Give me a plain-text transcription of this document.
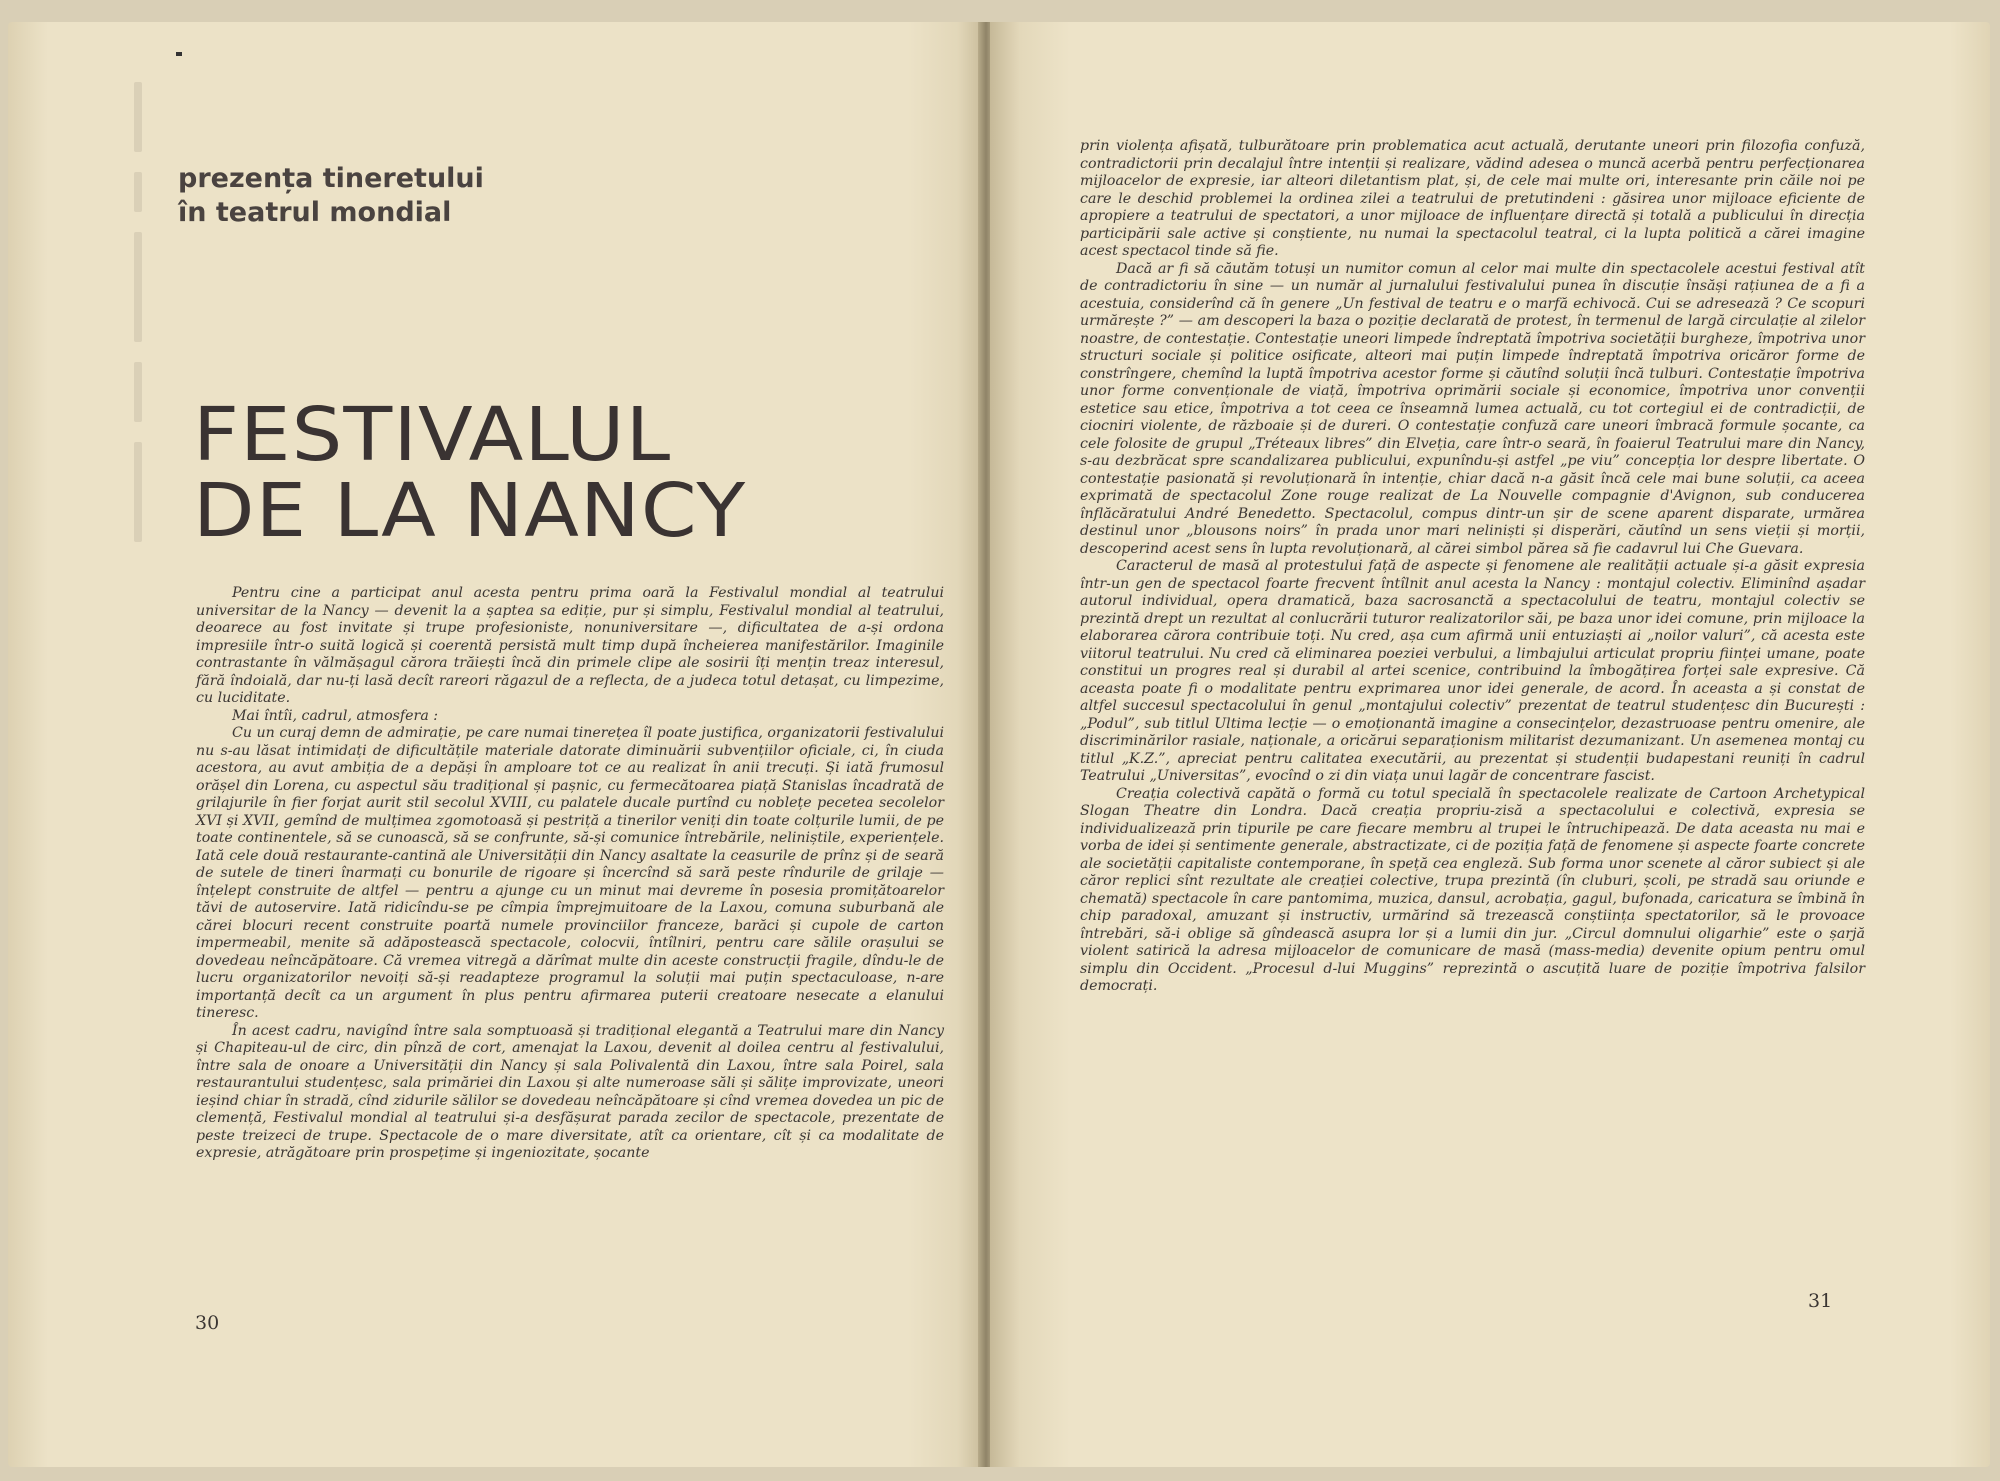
prezența tineretului
în teatrul mondial
FESTIVALUL
DE LA NANCY

Pentru cine a participat anul acesta pentru prima oară la Festivalul mondial al teatrului universitar de la Nancy — devenit la a șaptea sa ediție, pur și simplu, Festivalul mondial al teatrului, deoarece au fost invitate și trupe profesioniste, nonuniversitare —, dificultatea de a-și ordona impresiile într-o suită logică și coerentă persistă mult timp după încheierea manifestărilor. Imaginile contrastante în vălmășagul cărora trăiești încă din primele clipe ale sosirii îți mențin treaz interesul, fără îndoială, dar nu-ți lasă decît rareori răgazul de a reflecta, de a judeca totul detașat, cu limpezime, cu luciditate.

Mai întîi, cadrul, atmosfera :

Cu un curaj demn de admirație, pe care numai tinerețea îl poate justifica, organizatorii festivalului nu s-au lăsat intimidați de dificultățile materiale datorate diminuării subvențiilor oficiale, ci, în ciuda acestora, au avut ambiția de a depăși în amploare tot ce au realizat în anii trecuți. Și iată frumosul orășel din Lorena, cu aspectul său tradițional și pașnic, cu fermecătoarea piață Stanislas încadrată de grilajurile în fier forjat aurit stil secolul XVIII, cu palatele ducale purtînd cu noblețe pecetea secolelor XVI și XVII, gemînd de mulțimea zgomotoasă și pestriță a tinerilor veniți din toate colțurile lumii, de pe toate continentele, să se cunoască, să se confrunte, să-și comunice întrebările, neliniștile, experiențele. Iată cele două restaurante-cantină ale Universității din Nancy asaltate la ceasurile de prînz și de seară de sutele de tineri înarmați cu bonurile de rigoare și încercînd să sară peste rîndurile de grilaje — înțelept construite de altfel — pentru a ajunge cu un minut mai devreme în posesia promițătoarelor tăvi de autoservire. Iată ridicîndu-se pe cîmpia împrejmuitoare de la Laxou, comuna suburbană ale cărei blocuri recent construite poartă numele provinciilor franceze, barăci și cupole de carton impermeabil, menite să adăpostească spectacole, colocvii, întîlniri, pentru care sălile orașului se dovedeau neîncăpătoare. Că vremea vitregă a dărîmat multe din aceste construcții fragile, dîndu-le de lucru organizatorilor nevoiți să-și readapteze programul la soluții mai puțin spectaculoase, n-are importanță decît ca un argument în plus pentru afirmarea puterii creatoare nesecate a elanului tineresc.

În acest cadru, navigînd între sala somptuoasă și tradițional elegantă a Teatrului mare din Nancy și Chapiteau-ul de circ, din pînză de cort, amenajat la Laxou, devenit al doilea centru al festivalului, între sala de onoare a Universității din Nancy și sala Polivalentă din Laxou, între sala Poirel, sala restaurantului studențesc, sala primăriei din Laxou și alte numeroase săli și sălițe improvizate, uneori ieșind chiar în stradă, cînd zidurile sălilor se dovedeau neîncăpătoare și cînd vremea dovedea un pic de clemență, Festivalul mondial al teatrului și-a desfășurat parada zecilor de spectacole, prezentate de peste treizeci de trupe. Spectacole de o mare diversitate, atît ca orientare, cît și ca modalitate de expresie, atrăgătoare prin prospețime și ingeniozitate, șocante

30

prin violența afișată, tulburătoare prin problematica acut actuală, derutante uneori prin filozofia confuză, contradictorii prin decalajul între intenții și realizare, vădind adesea o muncă acerbă pentru perfecționarea mijloacelor de expresie, iar alteori diletantism plat, și, de cele mai multe ori, interesante prin căile noi pe care le deschid problemei la ordinea zilei a teatrului de pretutindeni : găsirea unor mijloace eficiente de apropiere a teatrului de spectatori, a unor mijloace de influențare directă și totală a publicului în direcția participării sale active și conștiente, nu numai la spectacolul teatral, ci la lupta politică a cărei imagine acest spectacol tinde să fie.

Dacă ar fi să căutăm totuși un numitor comun al celor mai multe din spectacolele acestui festival atît de contradictoriu în sine — un număr al jurnalului festivalului punea în discuție însăși rațiunea de a fi a acestuia, considerînd că în genere „Un festival de teatru e o marfă echivocă. Cui se adresează ? Ce scopuri urmărește ?” — am descoperi la baza o poziție declarată de protest, în termenul de largă circulație al zilelor noastre, de contestație. Contestație uneori limpede îndreptată împotriva societății burgheze, împotriva unor structuri sociale și politice osificate, alteori mai puțin limpede îndreptată împotriva oricăror forme de constrîngere, chemînd la luptă împotriva acestor forme și căutînd soluții încă tulburi. Contestație împotriva unor forme convenționale de viață, împotriva oprimării sociale și economice, împotriva unor convenții estetice sau etice, împotriva a tot ceea ce înseamnă lumea actuală, cu tot cortegiul ei de contradicții, de ciocniri violente, de războaie și de dureri. O contestație confuză care uneori îmbracă formule șocante, ca cele folosite de grupul „Tréteaux libres” din Elveția, care într-o seară, în foaierul Teatrului mare din Nancy, s-au dezbrăcat spre scandalizarea publicului, expunîndu-și astfel „pe viu” concepția lor despre libertate. O contestație pasionată și revoluționară în intenție, chiar dacă n-a găsit încă cele mai bune soluții, ca aceea exprimată de spectacolul Zone rouge realizat de La Nouvelle compagnie d'Avignon, sub conducerea înflăcăratului André Benedetto. Spectacolul, compus dintr-un șir de scene aparent disparate, urmărea destinul unor „blousons noirs” în prada unor mari neliniști și disperări, căutînd un sens vieții și morții, descoperind acest sens în lupta revoluționară, al cărei simbol părea să fie cadavrul lui Che Guevara.

Caracterul de masă al protestului față de aspecte și fenomene ale realității actuale și-a găsit expresia într-un gen de spectacol foarte frecvent întîlnit anul acesta la Nancy : montajul colectiv. Eliminînd așadar autorul individual, opera dramatică, baza sacrosanctă a spectacolului de teatru, montajul colectiv se prezintă drept un rezultat al conlucrării tuturor realizatorilor săi, pe baza unor idei comune, prin mijloace la elaborarea cărora contribuie toți. Nu cred, așa cum afirmă unii entuziaști ai „noilor valuri”, că acesta este viitorul teatrului. Nu cred că eliminarea poeziei verbului, a limbajului articulat propriu ființei umane, poate constitui un progres real și durabil al artei scenice, contribuind la îmbogățirea forței sale expresive. Că aceasta poate fi o modalitate pentru exprimarea unor idei generale, de acord. În aceasta a și constat de altfel succesul spectacolului în genul „montajului colectiv” prezentat de teatrul studențesc din București : „Podul”, sub titlul Ultima lecție — o emoționantă imagine a consecințelor, dezastruoase pentru omenire, ale discriminărilor rasiale, naționale, a oricărui separaționism militarist dezumanizant. Un asemenea montaj cu titlul „K.Z.”, apreciat pentru calitatea executării, au prezentat și studenții budapestani reuniți în cadrul Teatrului „Universitas”, evocînd o zi din viața unui lagăr de concentrare fascist.

Creația colectivă capătă o formă cu totul specială în spectacolele realizate de Cartoon Archetypical Slogan Theatre din Londra. Dacă creația propriu-zisă a spectacolului e colectivă, expresia se individualizează prin tipurile pe care fiecare membru al trupei le întruchipează. De data aceasta nu mai e vorba de idei și sentimente generale, abstractizate, ci de poziția față de fenomene și aspecte foarte concrete ale societății capitaliste contemporane, în speță cea engleză. Sub forma unor scenete al căror subiect și ale căror replici sînt rezultate ale creației colective, trupa prezintă (în cluburi, școli, pe stradă sau oriunde e chemată) spectacole în care pantomima, muzica, dansul, acrobația, gagul, bufonada, caricatura se îmbină în chip paradoxal, amuzant și instructiv, urmărind să trezească conștiința spectatorilor, să le provoace întrebări, să-i oblige să gîndească asupra lor și a lumii din jur. „Circul domnului oligarhie” este o șarjă violent satirică la adresa mijloacelor de comunicare de masă (mass-media) devenite opium pentru omul simplu din Occident. „Procesul d-lui Muggins” reprezintă o ascuțită luare de poziție împotriva falsilor democrați.

31
